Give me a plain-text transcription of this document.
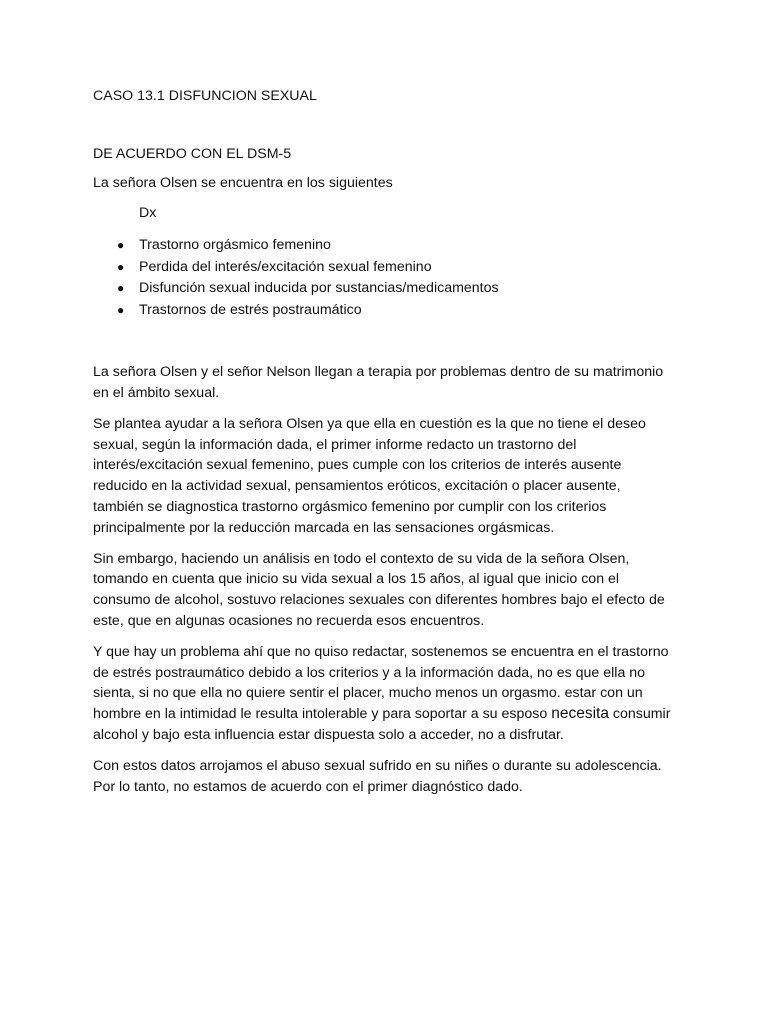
CASO 13.1 DISFUNCION SEXUAL

DE ACUERDO CON EL DSM-5

La señora Olsen se encuentra en los siguientes

Dx

● Trastorno orgásmico femenino
● Perdida del interés/excitación sexual femenino
● Disfunción sexual inducida por sustancias/medicamentos
● Trastornos de estrés postraumático

La señora Olsen y el señor Nelson llegan a terapia por problemas dentro de su matrimonio en el ámbito sexual.

Se plantea ayudar a la señora Olsen ya que ella en cuestión es la que no tiene el deseo sexual, según la información dada, el primer informe redacto un trastorno del interés/excitación sexual femenino, pues cumple con los criterios de interés ausente reducido en la actividad sexual, pensamientos eróticos, excitación o placer ausente, también se diagnostica trastorno orgásmico femenino por cumplir con los criterios principalmente por la reducción marcada en las sensaciones orgásmicas.

Sin embargo, haciendo un análisis en todo el contexto de su vida de la señora Olsen, tomando en cuenta que inicio su vida sexual a los 15 años, al igual que inicio con el consumo de alcohol, sostuvo relaciones sexuales con diferentes hombres bajo el efecto de este, que en algunas ocasiones no recuerda esos encuentros.

Y que hay un problema ahí que no quiso redactar, sostenemos se encuentra en el trastorno de estrés postraumático debido a los criterios y a la información dada, no es que ella no sienta, si no que ella no quiere sentir el placer, mucho menos un orgasmo. estar con un hombre en la intimidad le resulta intolerable y para soportar a su esposo necesita consumir alcohol y bajo esta influencia estar dispuesta solo a acceder, no a disfrutar.

Con estos datos arrojamos el abuso sexual sufrido en su niñes o durante su adolescencia. Por lo tanto, no estamos de acuerdo con el primer diagnóstico dado.
